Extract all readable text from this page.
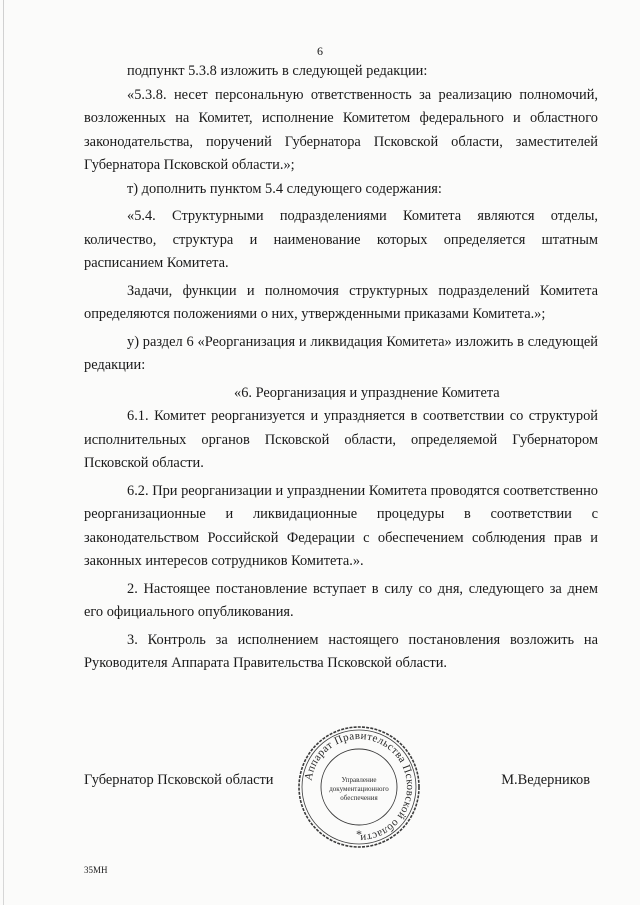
6

подпункт 5.3.8 изложить в следующей редакции:

«5.3.8. несет персональную ответственность за реализацию полномочий, возложенных на Комитет, исполнение Комитетом федерального и областного законодательства, поручений Губернатора Псковской области, заместителей Губернатора Псковской области.»;

т) дополнить пунктом 5.4 следующего содержания:

«5.4. Структурными подразделениями Комитета являются отделы, количество, структура и наименование которых определяется штатным расписанием Комитета.

Задачи, функции и полномочия структурных подразделений Комитета определяются положениями о них, утвержденными приказами Комитета.»;

у) раздел 6 «Реорганизация и ликвидация Комитета» изложить в следующей редакции:

«6. Реорганизация и упразднение Комитета

6.1. Комитет реорганизуется и упраздняется в соответствии со структурой исполнительных органов Псковской области, определяемой Губернатором Псковской области.

6.2. При реорганизации и упразднении Комитета проводятся соответственно реорганизационные и ликвидационные процедуры в соответствии с законодательством Российской Федерации с обеспечением соблюдения прав и законных интересов сотрудников Комитета.».

2. Настоящее постановление вступает в силу со дня, следующего за днем его официального опубликования.

3. Контроль за исполнением настоящего постановления возложить на Руководителя Аппарата Правительства Псковской области.

Аппарат Правительства Псковской области
*
Управление
документационного
обеспечения
Губернатор Псковской области	М.Ведерников
35МН
